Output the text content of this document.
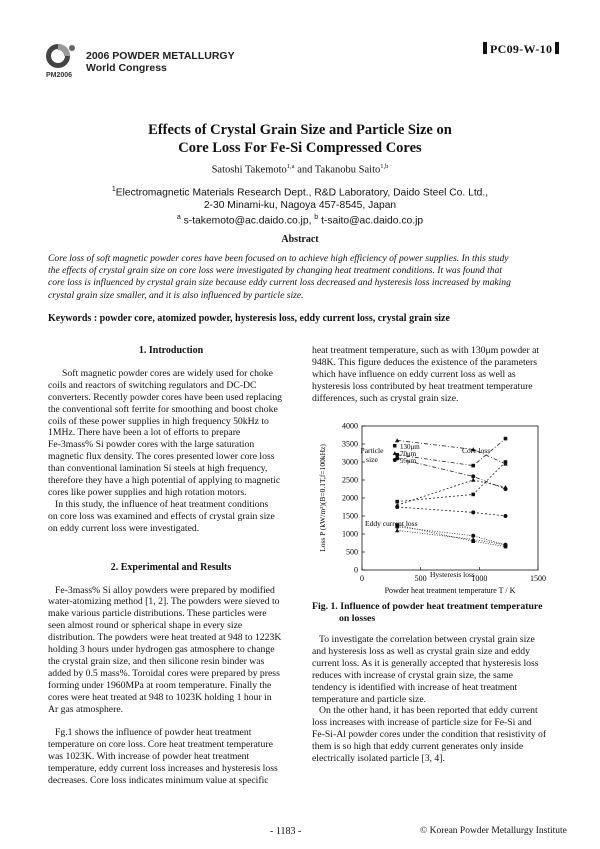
2006 POWDER METALLURGY
World Congress
PM2006
PC09-W-10
Effects of Crystal Grain Size and Particle Size on
Core Loss For Fe-Si Compressed Cores
Satoshi Takemoto$^{1,a}$ and Takanobu Saito$^{1,b}$
$^1$Electromagnetic Materials Research Dept., R&D Laboratory, Daido Steel Co. Ltd.,
2-30 Minami-ku, Nagoya 457-8545, Japan
$^a$ s-takemoto@ac.daido.co.jp, $^b$ t-saito@ac.daido.co.jp
Abstract
Core loss of soft magnetic powder cores have been focused on to achieve high efficiency of power supplies. In this study
the effects of crystal grain size on core loss were investigated by changing heat treatment conditions. It was found that
core loss is influenced by crystal grain size because eddy current loss decreased and hysteresis loss increased by making
crystal grain size smaller, and it is also influenced by particle size.
Keywords : powder core, atomized powder, hysteresis loss, eddy current loss, crystal grain size
1. Introduction
Soft magnetic powder cores are widely used for choke
coils and reactors of switching regulators and DC-DC
converters. Recently powder cores have been used replacing
the conventional soft ferrite for smoothing and boost choke
coils of these power supplies in high frequency 50kHz to
1MHz. There have been a lot of efforts to prepare
Fe-3mass% Si powder cores with the large saturation
magnetic flux density. The cores presented lower core loss
than conventional lamination Si steels at high frequency,
therefore they have a high potential of applying to magnetic
cores like power supplies and high rotation motors.
In this study, the influence of heat treatment conditions
on core loss was examined and effects of crystal grain size
on eddy current loss were investigated.
2. Experimental and Results
Fe-3mass% Si alloy powders were prepared by modified
water-atomizing method [1, 2]. The powders were sieved to
make various particle distributions. These particles were
seen almost round or spherical shape in every size
distribution. The powders were heat treated at 948 to 1223K
holding 3 hours under hydrogen gas atmosphere to change
the crystal grain size, and then silicone resin binder was
added by 0.5 mass%. Toroidal cores were prepared by press
forming under 1960MPa at room temperature. Finally the
cores were heat treated at 948 to 1023K holding 1 hour in
Ar gas atmosphere.
Fg.1 shows the influence of powder heat treatment
temperature on core loss. Core heat treatment temperature
was 1023K. With increase of powder heat treatment
temperature, eddy current loss increases and hysteresis loss
decreases. Core loss indicates minimum value at specific
heat treatment temperature, such as with 130μm powder at
948K. This figure deduces the existence of the parameters
which have influence on eddy current loss as well as
hysteresis loss contributed by heat treatment temperature
differences, such as crystal grain size.
0
500
1000
1500
2000
2500
3000
3500
4000
0	500	1000	1500
Powder heat treatment temperature T / K
Loss P (kW/m³)(B=0.1T,f=100kHz)	Particle
size
130μm
70μm
55μm
Core loss
Eddy current loss
Hysteresis loss
Fig. 1. Influence of powder heat treatment temperature
on losses
To investigate the correlation between crystal grain size
and hysteresis loss as well as crystal grain size and eddy
current loss. As it is generally accepted that hysteresis loss
reduces with increase of crystal grain size, the same
tendency is identified with increase of heat treatment
temperature and particle size.
On the other hand, it has been reported that eddy current
loss increases with increase of particle size for Fe-Si and
Fe-Si-Al powder cores under the condition that resistivity of
them is so high that eddy current generates only inside
electrically isolated particle [3, 4].
- 1183 -	© Korean Powder Metallurgy Institute
